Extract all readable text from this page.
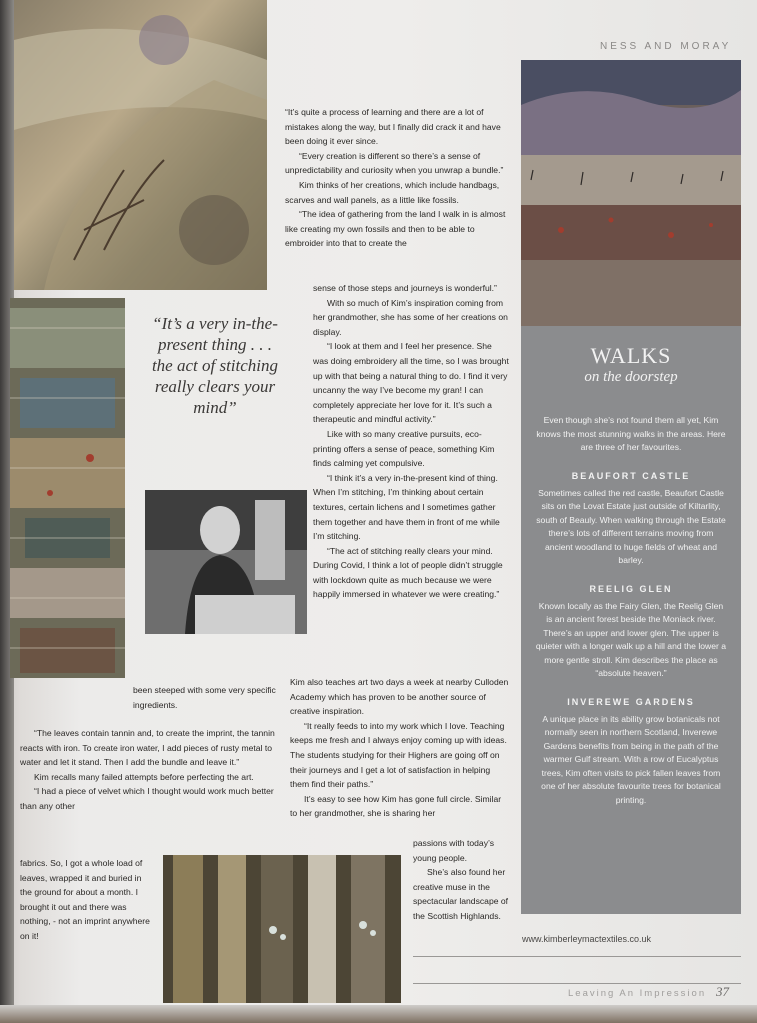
NESS AND MORAY

“It’s quite a process of learning and there are a lot of mistakes along the way, but I finally did crack it and have been doing it ever since.

“Every creation is different so there’s a sense of unpredictability and curiosity when you unwrap a bundle.”

Kim thinks of her creations, which include handbags, scarves and wall panels, as a little like fossils.

“The idea of gathering from the land I walk in is almost like creating my own fossils and then to be able to embroider into that to create the

sense of those steps and journeys is wonderful.”

With so much of Kim’s inspiration coming from her grandmother, she has some of her creations on display.

“I look at them and I feel her presence. She was doing embroidery all the time, so I was brought up with that being a natural thing to do. I find it very uncanny the way I’ve become my gran! I can completely appreciate her love for it. It’s such a therapeutic and mindful activity.”

Like with so many creative pursuits, eco-printing offers a sense of peace, something Kim finds calming yet compulsive.

“I think it’s a very in-the-present kind of thing. When I’m stitching, I’m thinking about certain textures, certain lichens and I sometimes gather them together and have them in front of me while I’m stitching.

“The act of stitching really clears your mind. During Covid, I think a lot of people didn’t struggle with lockdown quite as much because we were happily immersed in whatever we were creating.”

Kim also teaches art two days a week at nearby Culloden Academy which has proven to be another source of creative inspiration.

“It really feeds to into my work which I love. Teaching keeps me fresh and I always enjoy coming up with ideas. The students studying for their Highers are going off on their journeys and I get a lot of satisfaction in helping them find their paths.”

It’s easy to see how Kim has gone full circle. Similar to her grandmother, she is sharing her

passions with today’s young people.

She’s also found her creative muse in the spectacular landscape of the Scottish Highlands.

been steeped with some very specific ingredients.

“The leaves contain tannin and, to create the imprint, the tannin reacts with iron. To create iron water, I add pieces of rusty metal to water and let it stand. Then I add the bundle and leave it.”

Kim recalls many failed attempts before perfecting the art.

“I had a piece of velvet which I thought would work much better than any other

fabrics. So, I got a whole load of leaves, wrapped it and buried in the ground for about a month. I brought it out and there was nothing, - not an imprint anywhere on it!

“It’s a very in-the-present thing . . . the act of stitching really clears your mind”
WALKS
on the doorstep
Even though she’s not found them all yet, Kim knows the most stunning walks in the areas. Here are three of her favourites.
BEAUFORT CASTLE
Sometimes called the red castle, Beaufort Castle sits on the Lovat Estate just outside of Kiltarlity, south of Beauly. When walking through the Estate there’s lots of different terrains moving from ancient woodland to huge fields of wheat and barley.
REELIG GLEN
Known locally as the Fairy Glen, the Reelig Glen is an ancient forest beside the Moniack river. There’s an upper and lower glen. The upper is quieter with a longer walk up a hill and the lower a more gentle stroll. Kim describes the place as “absolute heaven.”
INVEREWE GARDENS
A unique place in its ability grow botanicals not normally seen in northern Scotland, Inverewe Gardens benefits from being in the path of the warmer Gulf stream. With a row of Eucalyptus trees, Kim often visits to pick fallen leaves from one of her absolute favourite trees for botanical printing.
www.kimberleymactextiles.co.uk
Leaving An Impression 37
